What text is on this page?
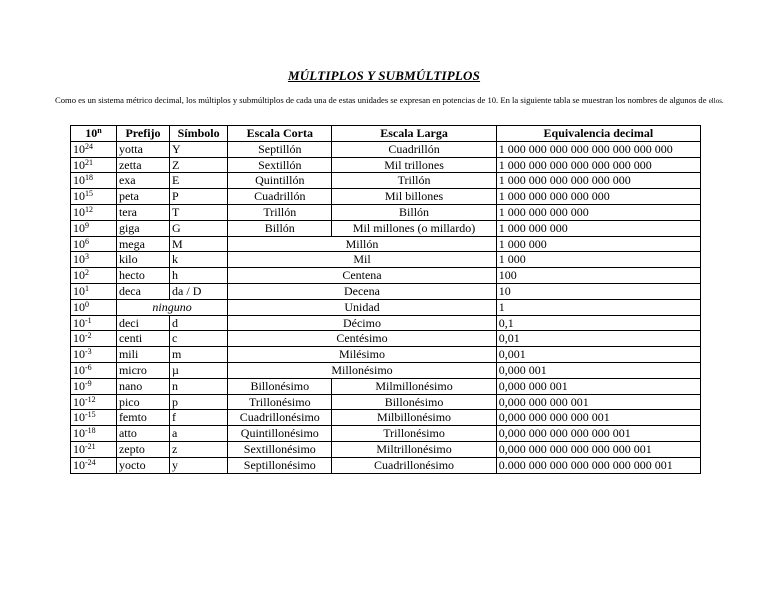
MÚLTIPLOS Y SUBMÚLTIPLOS

Como es un sistema métrico decimal, los múltiplos y submúltiplos de cada una de estas unidades se expresan en potencias de 10. En la siguiente tabla se muestran los nombres de algunos de ellos.

10$^n$	Prefijo	Símbolo	Escala Corta	Escala Larga	Equivalencia decimal
$10^{24}$	yotta	Y	Septillón	Cuadrillón	1 000 000 000 000 000 000 000 000
$10^{21}$	zetta	Z	Sextillón	Mil trillones	1 000 000 000 000 000 000 000
$10^{18}$	exa	E	Quintillón	Trillón	1 000 000 000 000 000 000
$10^{15}$	peta	P	Cuadrillón	Mil billones	1 000 000 000 000 000
$10^{12}$	tera	T	Trillón	Billón	1 000 000 000 000
$10^9$	giga	G	Billón	Mil millones (o millardo)	1 000 000 000
$10^6$	mega	M	Millón		1 000 000
$10^3$	kilo	k	Mil		1 000
$10^2$	hecto	h	Centena		100
$10^1$	deca	da / D	Decena		10
$10^0$	ninguno		Unidad		1
$10^{-1}$	deci	d	Décimo		0,1
$10^{-2}$	centi	c	Centésimo		0,01
$10^{-3}$	mili	m	Milésimo		0,001
$10^{-6}$	micro	µ	Millonésimo		0,000 001
$10^{-9}$	nano	n	Billonésimo	Milmillonésimo	0,000 000 001
$10^{-12}$	pico	p	Trillonésimo	Billonésimo	0,000 000 000 001
$10^{-15}$	femto	f	Cuadrillonésimo	Milbillonésimo	0,000 000 000 000 001
$10^{-18}$	atto	a	Quintillonésimo	Trillonésimo	0,000 000 000 000 000 001
$10^{-21}$	zepto	z	Sextillonésimo	Miltrillonésimo	0,000 000 000 000 000 000 001
$10^{-24}$	yocto	y	Septillonésimo	Cuadrillonésimo	0.000 000 000 000 000 000 000 001
